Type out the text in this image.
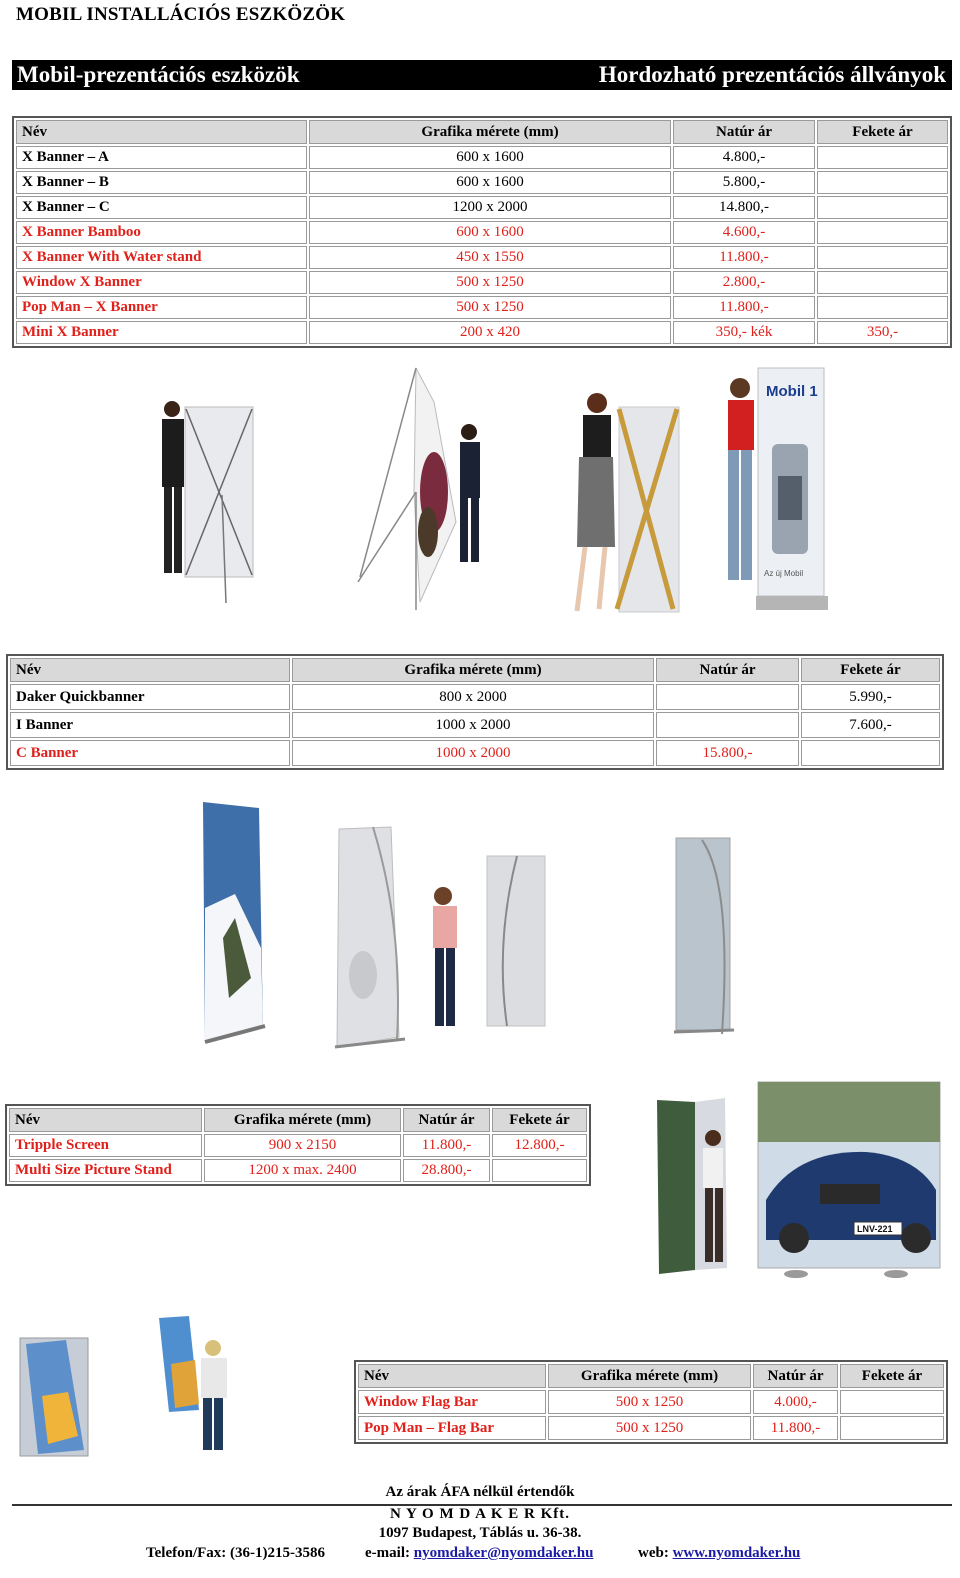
MOBIL INSTALLÁCIÓS ESZKÖZÖK
Mobil-prezentációs eszközök	Hordozható prezentációs állványok
Név	Grafika mérete (mm)	Natúr ár	Fekete ár
X Banner – A	600 x 1600	4.800,-	
X Banner – B	600 x 1600	5.800,-	
X Banner – C	1200 x 2000	14.800,-	
X Banner Bamboo	600 x 1600	4.600,-	
X Banner With Water stand	450 x 1550	11.800,-	
Window X Banner	500 x 1250	2.800,-	
Pop Man – X Banner	500 x 1250	11.800,-	
Mini X Banner	200 x 420	350,- kék	350,-
Mobil 1
Az új Mobil
Név	Grafika mérete (mm)	Natúr ár	Fekete ár
Daker Quickbanner	800 x 2000		5.990,-
I Banner	1000 x 2000		7.600,-
C Banner	1000 x 2000	15.800,-	
Név	Grafika mérete (mm)	Natúr ár	Fekete ár
Tripple Screen	900 x 2150	11.800,-	12.800,-
Multi Size Picture Stand	1200 x max. 2400	28.800,-	
LNV-221
Név	Grafika mérete (mm)	Natúr ár	Fekete ár
Window Flag Bar	500 x 1250	4.000,-	
Pop Man – Flag Bar	500 x 1250	11.800,-	
Az árak ÁFA nélkül értendők
N Y O M D A K E R Kft.
1097 Budapest, Táblás u. 36-38.
Telefon/Fax: (36-1)215-3586	e-mail: nyomdaker@nyomdaker.hu	web: www.nyomdaker.hu
